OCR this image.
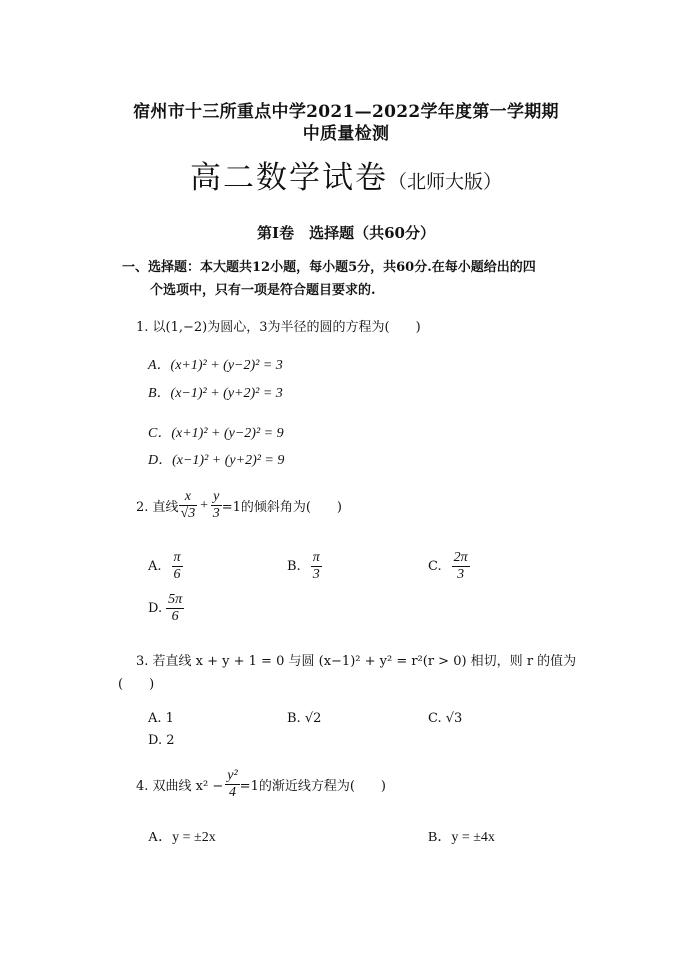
宿州市十三所重点中学2021—2022学年度第一学期期
中质量检测
高二数学试卷（北师大版）
第Ⅰ卷　选择题（共60分）
一、选择题：本大题共12小题，每小题5分，共60分.在每小题给出的四
个选项中，只有一项是符合题目要求的.
1. 以(1,−2)为圆心，3为半径的圆的方程为(　　)
A．(x+1)² + (y−2)² = 3
B．(x−1)² + (y+2)² = 3
C．(x+1)² + (y−2)² = 9
D．(x−1)² + (y+2)² = 9
2. 直线 $\frac{x}{√3} + \frac{y}{3} =1$的倾斜角为(　　)
A. $\frac{\pi}{6}$	B. $\frac{\pi}{3}$	C. $\frac{2\pi}{3}$
D. $\frac{5\pi}{6}$
3. 若直线 x + y + 1 = 0 与圆 (x−1)² + y² = r²(r > 0) 相切，则 r 的值为
(　　)
A. 1	B. √2	C. √3
D. 2
4. 双曲线 $x^2 - \frac{\text{y²}}{4} =1$的渐近线方程为(　　)
A．y = ±2x	B．y = ±4x
